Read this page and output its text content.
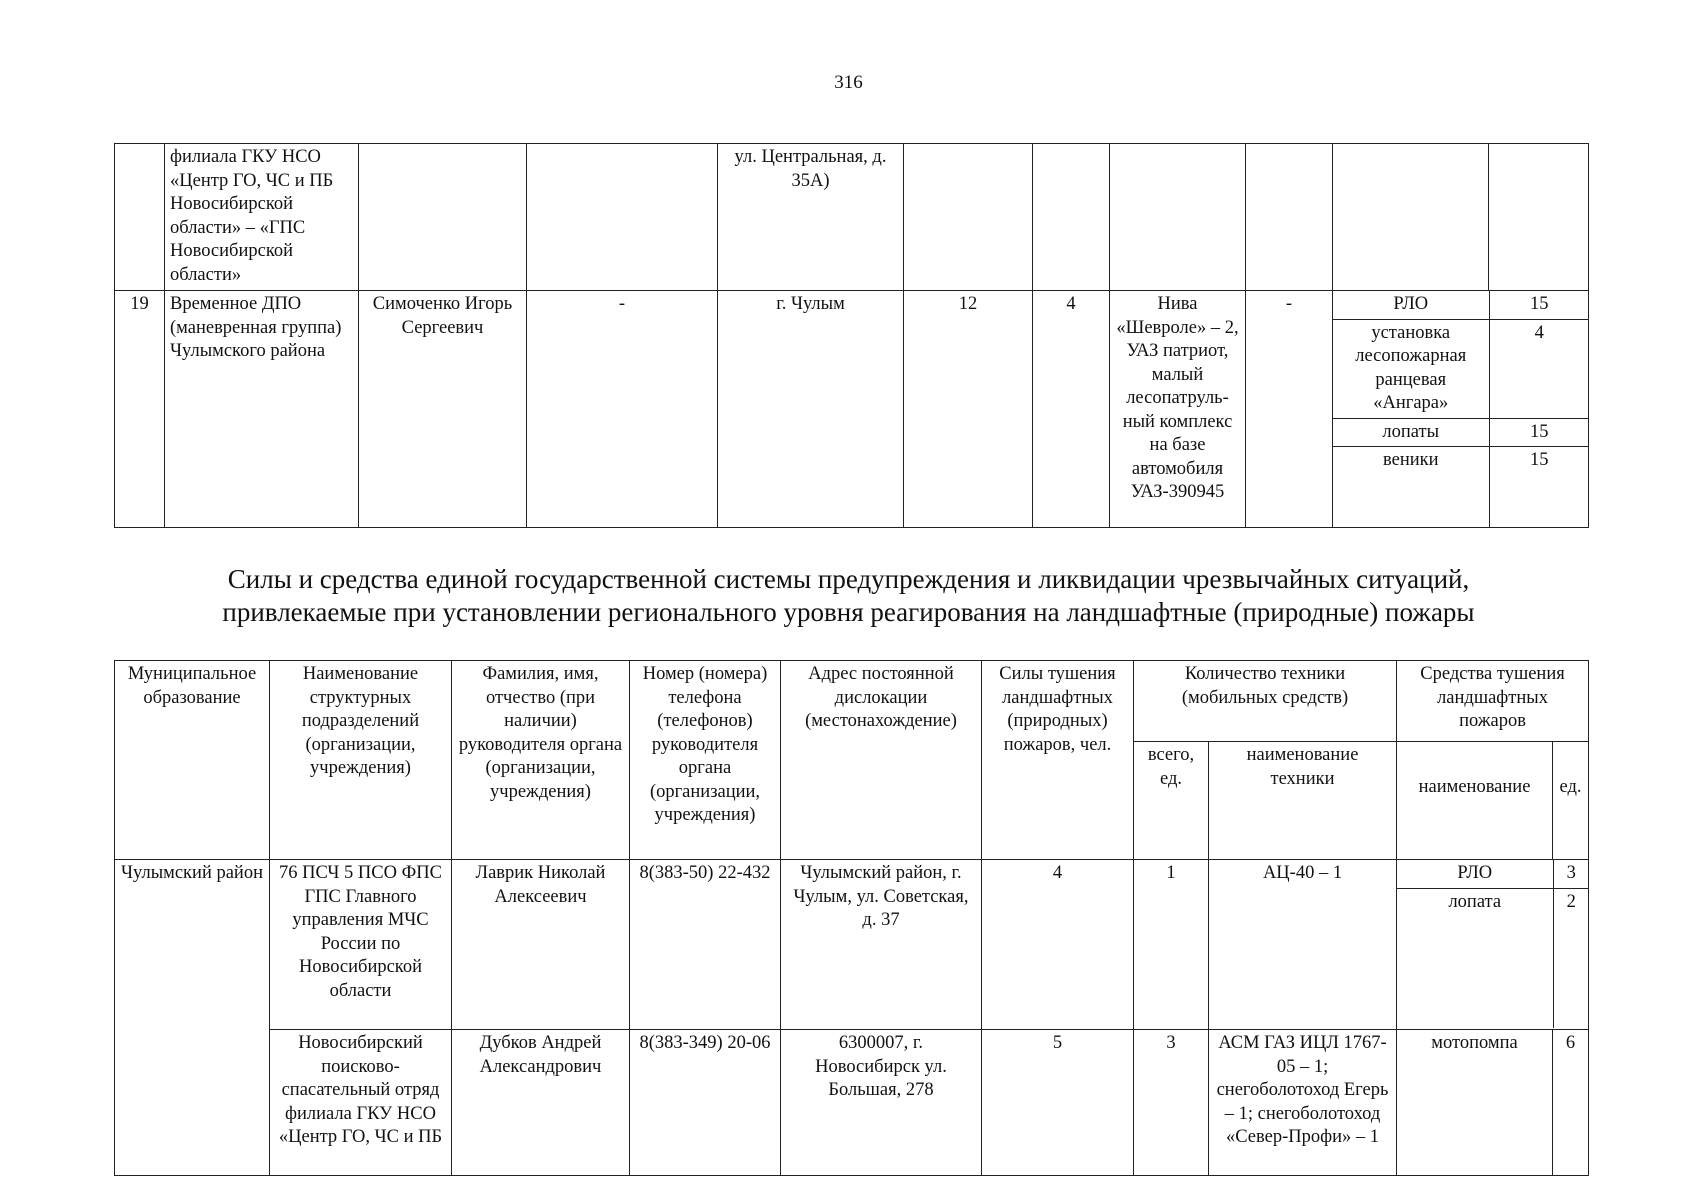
316
	филиала ГКУ НСО «Центр ГО, ЧС и ПБ Новосибирской области» – «ГПС Новосибирской области»			ул. Центральная, д. 35А)						
19	Временное ДПО (маневренная группа) Чулымского района	Симоченко Игорь Сергеевич	-	г. Чулым	12	4	Нива «Шевроле» – 2, УАЗ патриот, малый лесопатруль-ный комплекс на базе автомобиля УАЗ-390945	-		РЛО	15
установка лесопожарная ранцевая «Ангара»	4
лопаты	15
веники	15
Силы и средства единой государственной системы предупреждения и ликвидации чрезвычайных ситуаций,
привлекаемые при установлении регионального уровня реагирования на ландшафтные (природные) пожары
Муниципальное образование	Наименование структурных подразделений (организации, учреждения)	Фамилия, имя, отчество (при наличии) руководителя органа (организации, учреждения)	Номер (номера) телефона (телефонов) руководителя органа (организации, учреждения)	Адрес постоянной дислокации (местонахождение)	Силы тушения ландшафтных (природных) пожаров, чел.	Количество техники (мобильных средств)	Средства тушения ландшафтных пожаров
всего, ед.	наименование техники	наименование	ед.
Чулымский район	76 ПСЧ 5 ПСО ФПС ГПС Главного управления МЧС России по Новосибирской области	Лаврик Николай Алексеевич	8(383-50) 22-432	Чулымский район, г. Чулым, ул. Советская, д. 37	4	1	АЦ-40 – 1		РЛО	3
лопата	2

Новосибирский поисково-спасательный отряд филиала ГКУ НСО «Центр ГО, ЧС и ПБ	Дубков Андрей Александрович	8(383-349) 20-06	6300007, г. Новосибирск ул. Большая, 278	5	3	АСМ ГАЗ ИЦЛ 1767-05 – 1; снегоболотоход Егерь – 1; снегоболотоход «Север-Профи» – 1	мотопомпа	6
